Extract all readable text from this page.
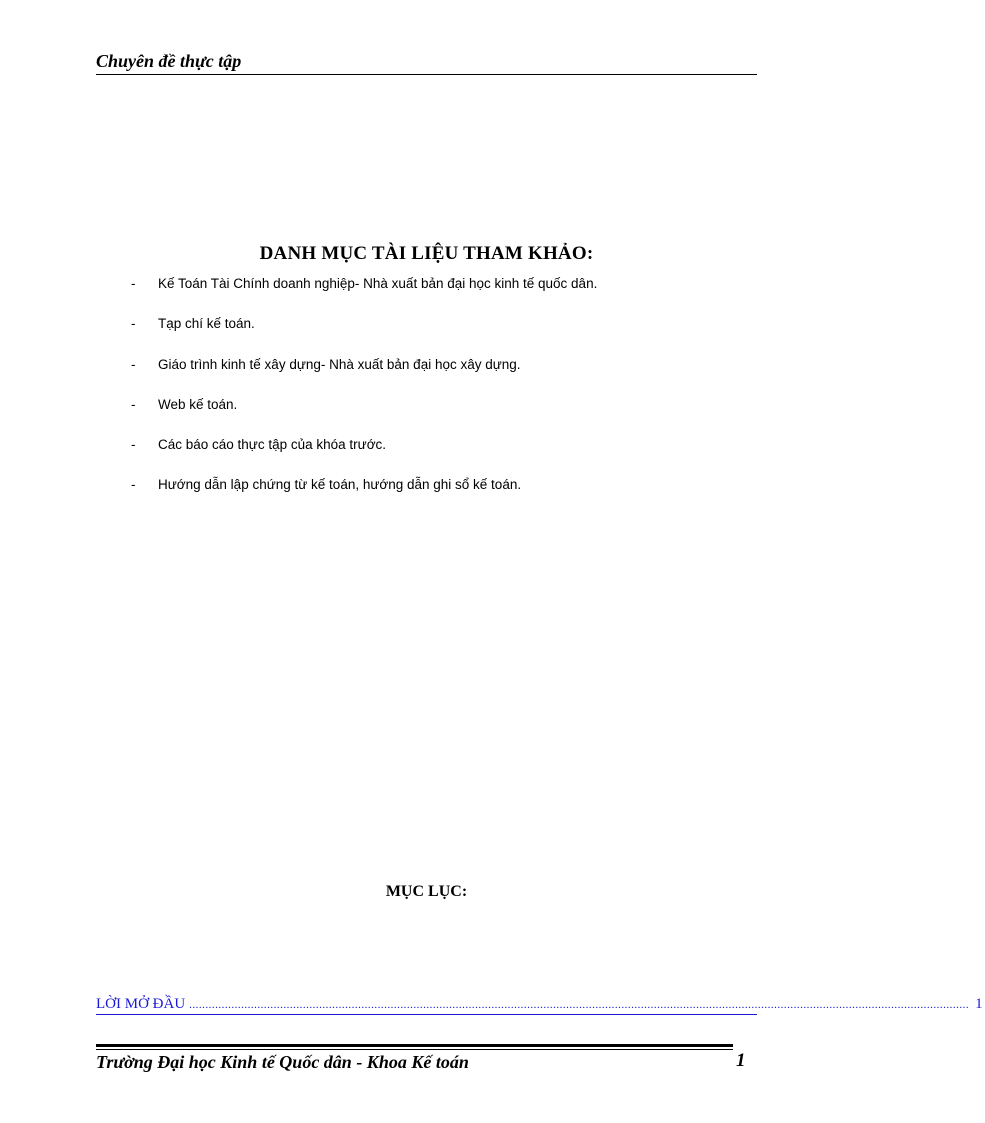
Chuyên đề thực tập
DANH MỤC TÀI LIỆU THAM KHẢO:
- Kế Toán Tài Chính doanh nghiệp- Nhà xuất bản đại học kinh tế quốc dân.
- Tạp chí kế toán.
- Giáo trình kinh tế xây dựng- Nhà xuất bản đại học xây dựng.
- Web kế toán.
- Các báo cáo thực tập của khóa trước.
- Hướng dẫn lập chứng từ kế toán, hướng dẫn ghi sổ kế toán.
MỤC LỤC:
LỜI MỞ ĐẦU ................................................................................................................................................................................................................................................ 1
Trường Đại học Kinh tế Quốc dân - Khoa Kế toán	1
